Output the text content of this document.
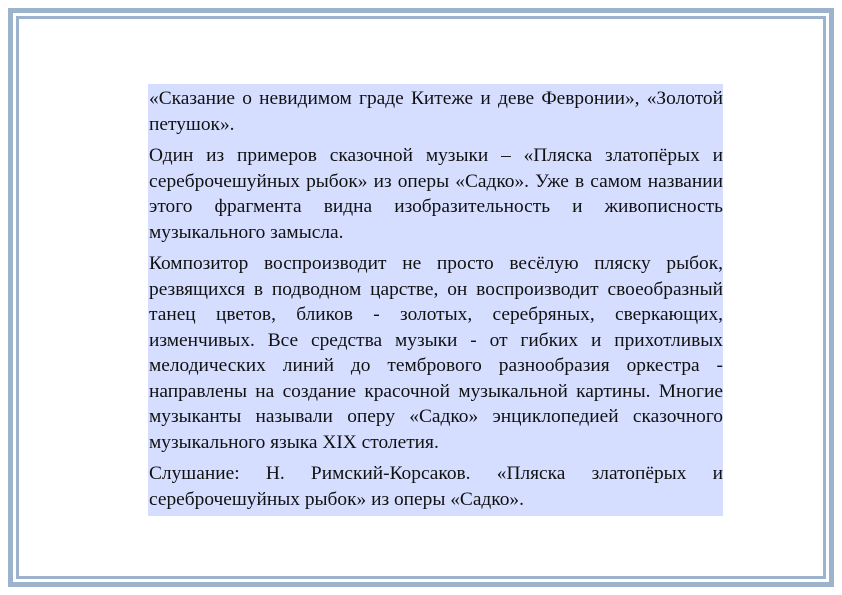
«Сказание о невидимом граде Китеже и деве Февронии», «Золотой петушок».

Один из примеров сказочной музыки – «Пляска златопёрых и сереброчешуйных рыбок» из оперы «Садко». Уже в самом названии этого фрагмента видна изобразительность и живописность музыкального замысла.

Композитор воспроизводит не просто весёлую пляску рыбок, резвящихся в подводном царстве, он воспроизводит своеобразный танец цветов, бликов - золотых, серебряных, сверкающих, изменчивых. Все средства музыки - от гибких и прихотливых мелодических линий до тембрового разнообразия оркестра - направлены на создание красочной музыкальной картины. Многие музыканты называли оперу «Садко» энциклопедией сказочного музыкального языка XIX столетия.

Слушание: Н. Римский-Корсаков. «Пляска златопёрых и сереброчешуйных рыбок» из оперы «Садко».
